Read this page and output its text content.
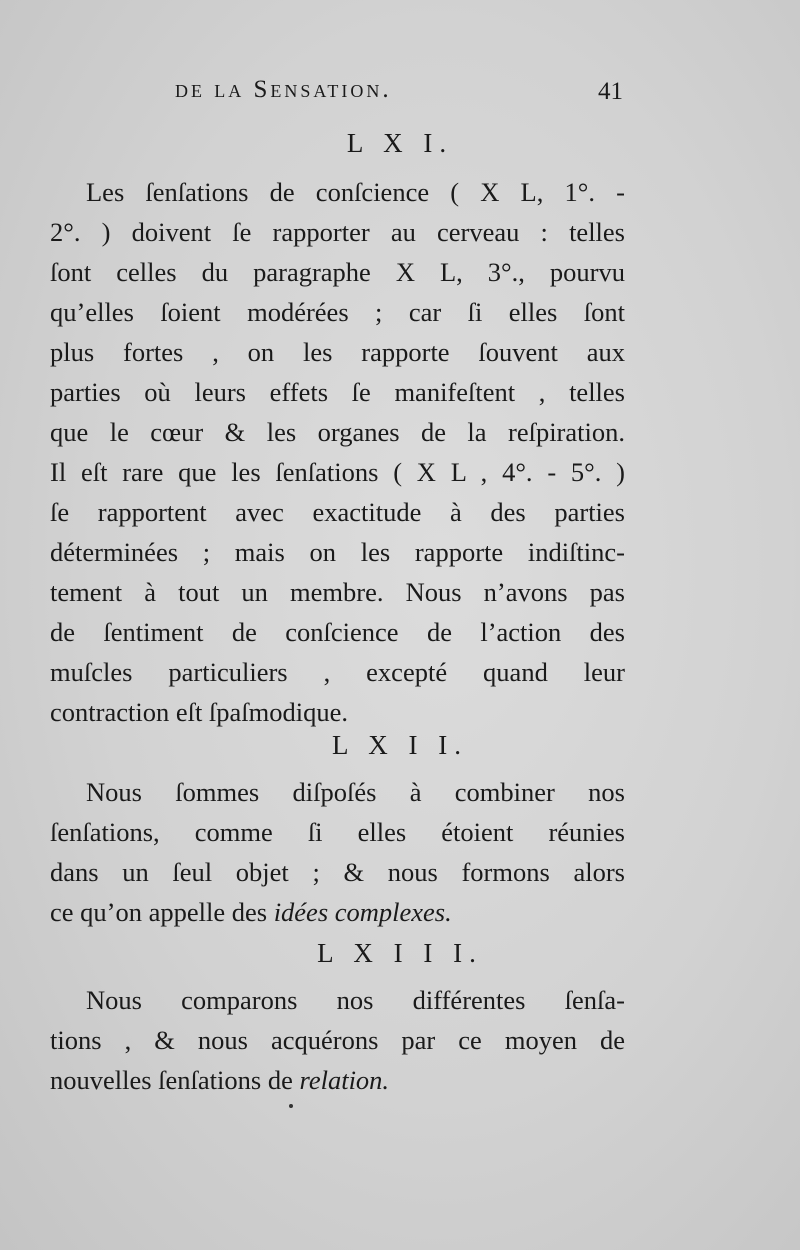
de la Sensation.	41
L X I.
Les ſenſations de conſcience ( X L, 1°. -
2°. ) doivent ſe rapporter au cerveau : telles
ſont celles du paragraphe X L, 3°., pourvu
qu’elles ſoient modérées ; car ſi elles ſont
plus fortes , on les rapporte ſouvent aux
parties où leurs effets ſe manifeſtent , telles
que le cœur & les organes de la reſpiration.
Il eſt rare que les ſenſations ( X L , 4°. - 5°. )
ſe rapportent avec exactitude à des parties
déterminées ; mais on les rapporte indiſtinc-
tement à tout un membre. Nous n’avons pas
de ſentiment de conſcience de l’action des
muſcles particuliers , excepté quand leur
contraction eſt ſpaſmodique.
L X I I.
Nous ſommes diſpoſés à combiner nos
ſenſations, comme ſi elles étoient réunies
dans un ſeul objet ; & nous formons alors
ce qu’on appelle des idées complexes.
L X I I I.
Nous comparons nos différentes ſenſa-
tions , & nous acquérons par ce moyen de
nouvelles ſenſations de relation.
